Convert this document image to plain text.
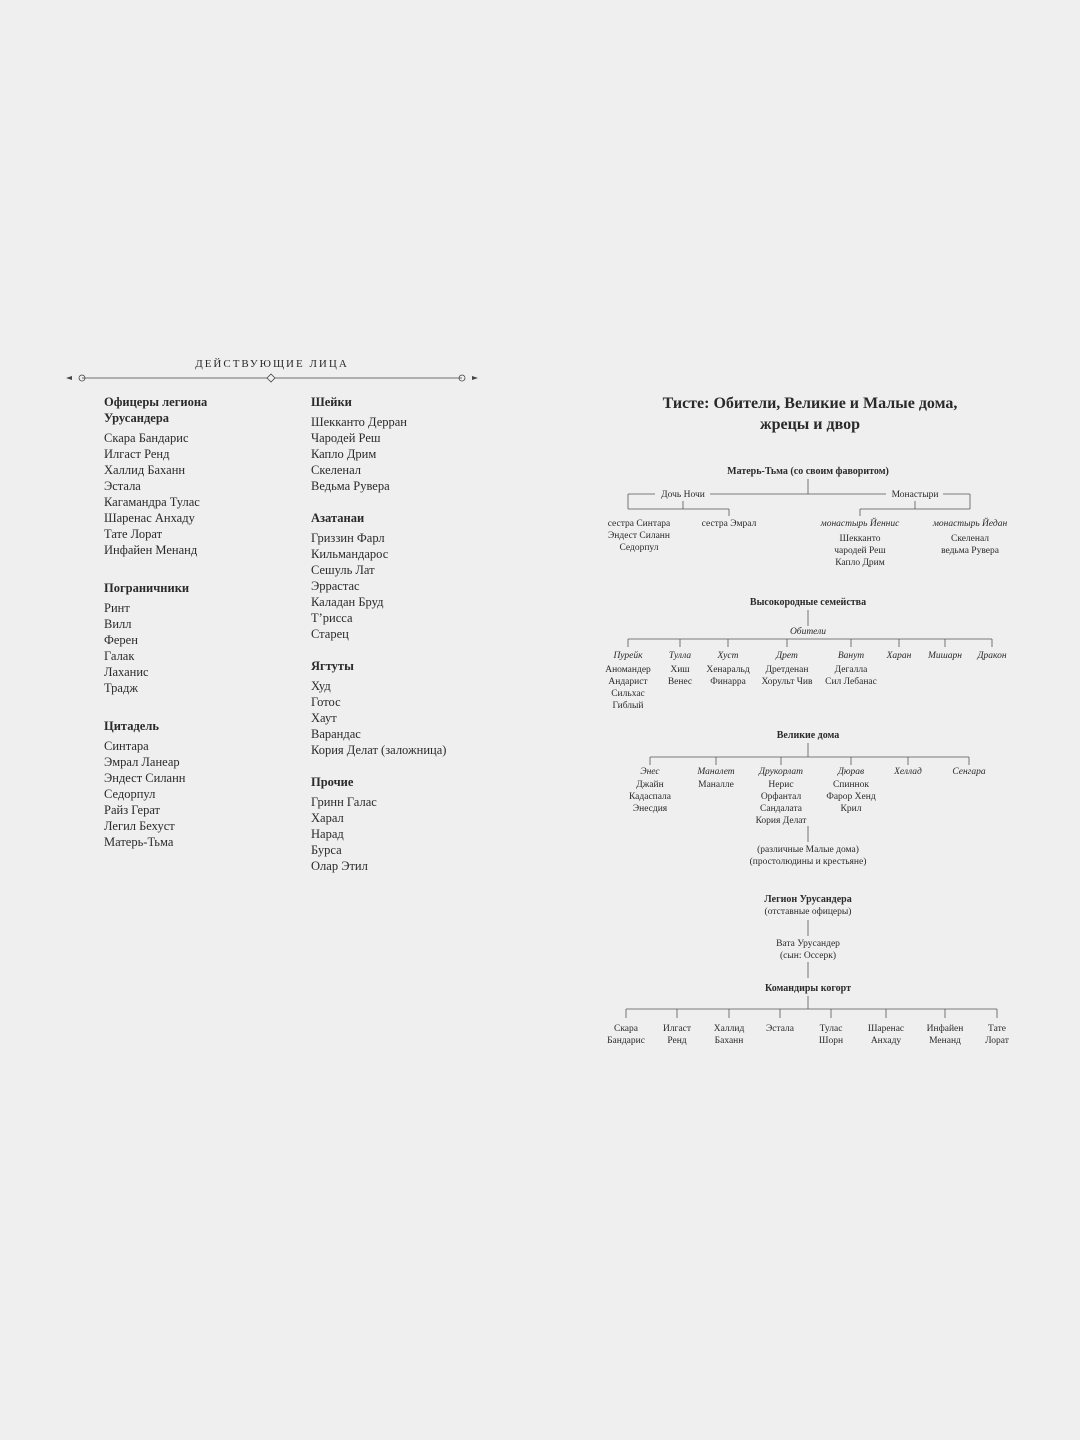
ДЕЙСТВУЮЩИЕ ЛИЦА
Офицеры легиона
Урусандера
Скара Бандарис
Илгаст Ренд
Халлид Баханн
Эстала
Кагамандра Тулас
Шаренас Анхаду
Тате Лорат
Инфайен Менанд
Пограничники
Ринт
Вилл
Ферен
Галак
Лаханис
Традж
Цитадель
Синтара
Эмрал Ланеар
Эндест Силанн
Седорпул
Райз Герат
Легил Бехуст
Матерь-Тьма
Шейки
Шекканто Дерран
Чародей Реш
Капло Дрим
Скеленал
Ведьма Рувера
Азатанаи
Гриззин Фарл
Кильмандарос
Сешуль Лат
Эррастас
Каладан Бруд
Т’рисса
Старец
Ягтуты
Худ
Готос
Хаут
Варандас
Кория Делат (заложница)
Прочие
Гринн Галас
Харал
Нарад
Бурса
Олар Этил
Тисте: Обители, Великие и Малые дома,
жрецы и двор
Матерь-Тьма (со своим фаворитом)
Дочь Ночи	Монастыри
сестра Синтара
Эндест Силанн
Седорпул
сестра Эмрал	монастырь Йеннис
Шекканто
чародей Реш
Капло Дрим
монастырь Йедан
Скеленал
ведьма Рувера
Высокородные семейства
Обители
Пурейк
Аномандер
Андарист
Сильхас
Гиблый
Тулла
Хиш
Венес
Хуст
Хенаральд
Финарра
Дрет
Дретденан
Хорульт Чив
Ванут
Дегалла
Сил Лебанас
Харан Мишарн Дракон
Великие дома
Энес
Джайн
Кадаспала
Энесдия
Маналет
Маналле
Друкорлат
Нерис
Орфантал
Сандалата
Кория Делат
Дюрав
Спиннок
Фарор Хенд
Крил
Хеллад	Сенгара
(различные Малые дома)
(простолюдины и крестьяне)
Легион Урусандера
(отставные офицеры)
Вата Урусандер
(сын: Оссерк)
Командиры когорт
Скара
Бандарис
Илгаст
Ренд
Халлид
Баханн
Эстала	Тулас
Шорн
Шаренас
Анхаду
Инфайен
Менанд
Тате
Лорат
